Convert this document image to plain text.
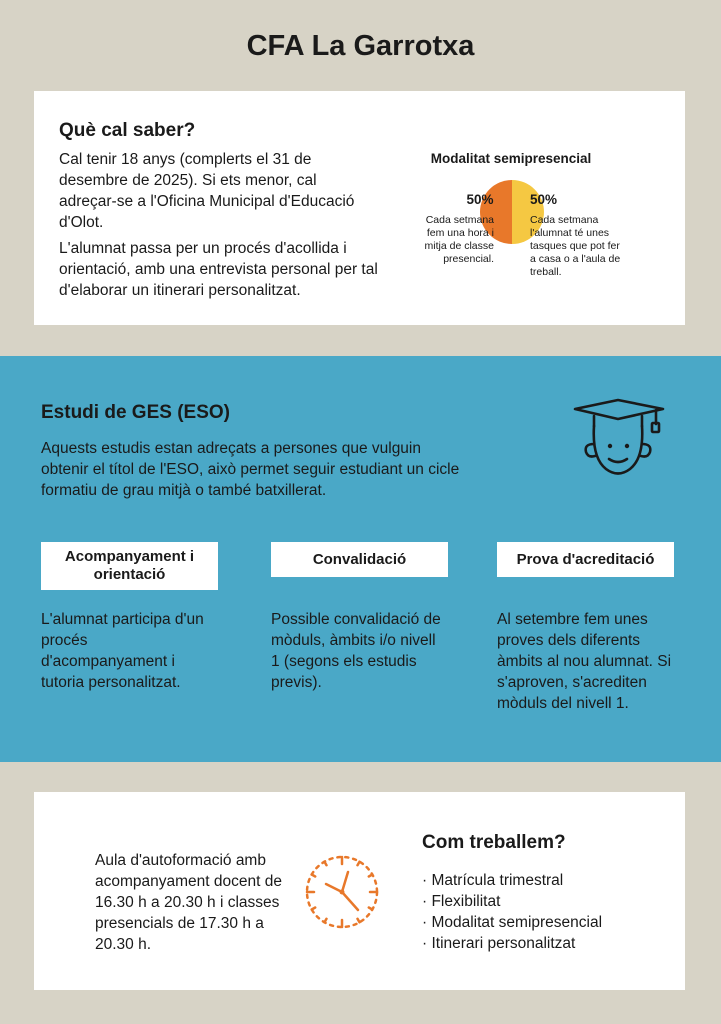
CFA La Garrotxa
Què cal saber?

Cal tenir 18 anys (complerts el 31 de desembre de 2025). Si ets menor, cal adreçar-se a l'Oficina Municipal d'Educació d'Olot.

L'alumnat passa per un procés d'acollida i orientació, amb una entrevista personal per tal d'elaborar un itinerari personalitzat.

Modalitat semipresencial
50%	50%

Cada setmana fem una hora i mitja de classe presencial.

Cada setmana l'alumnat té unes tasques que pot fer a casa o a l'aula de treball.

Estudi de GES (ESO)

Aquests estudis estan adreçats a persones que vulguin obtenir el títol de l'ESO, això permet seguir estudiant un cicle formatiu de grau mitjà o també batxillerat.

Acompanyament i orientació
Convalidació	Prova d'acreditació

L'alumnat participa d'un procés d'acompanyament i tutoria personalitzat.

Possible convalidació de mòduls, àmbits i/o nivell 1 (segons els estudis previs).

Al setembre fem unes proves dels diferents àmbits al nou alumnat. Si s'aproven, s'acrediten mòduls del nivell 1.

Aula d'autoformació amb acompanyament docent de 16.30 h a 20.30 h i classes presencials de 17.30 h a 20.30 h.

Com treballem?
· Matrícula trimestral
· Flexibilitat
· Modalitat semipresencial
· Itinerari personalitzat
